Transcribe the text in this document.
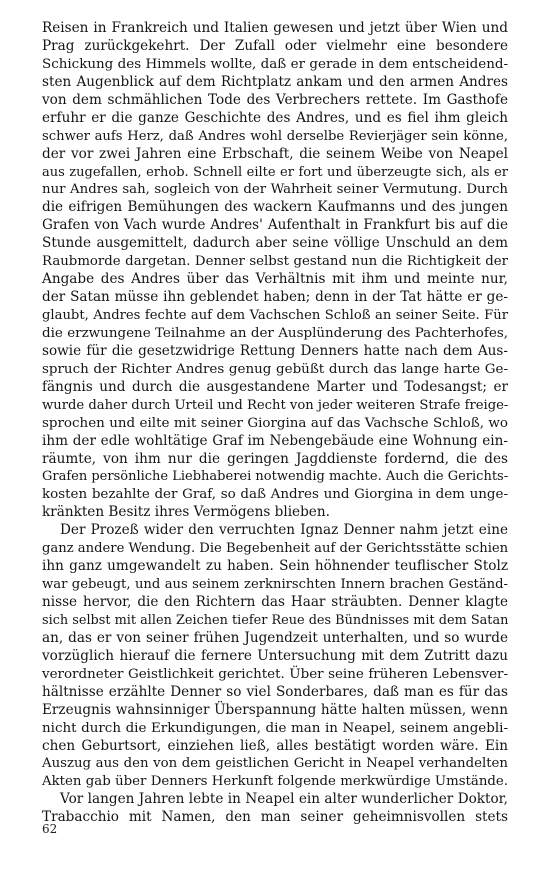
Reisen in Frankreich und Italien gewesen und jetzt über Wien und
Prag zurückgekehrt. Der Zufall oder vielmehr eine besondere
Schickung des Himmels wollte, daß er gerade in dem entscheidend-
sten Augenblick auf dem Richtplatz ankam und den armen Andres
von dem schmählichen Tode des Verbrechers rettete. Im Gasthofe
erfuhr er die ganze Geschichte des Andres, und es fiel ihm gleich
schwer aufs Herz, daß Andres wohl derselbe Revierjäger sein könne,
der vor zwei Jahren eine Erbschaft, die seinem Weibe von Neapel
aus zugefallen, erhob. Schnell eilte er fort und überzeugte sich, als er
nur Andres sah, sogleich von der Wahrheit seiner Vermutung. Durch
die eifrigen Bemühungen des wackern Kaufmanns und des jungen
Grafen von Vach wurde Andres' Aufenthalt in Frankfurt bis auf die
Stunde ausgemittelt, dadurch aber seine völlige Unschuld an dem
Raubmorde dargetan. Denner selbst gestand nun die Richtigkeit der
Angabe des Andres über das Verhältnis mit ihm und meinte nur,
der Satan müsse ihn geblendet haben; denn in der Tat hätte er ge-
glaubt, Andres fechte auf dem Vachschen Schloß an seiner Seite. Für
die erzwungene Teilnahme an der Ausplünderung des Pachterhofes,
sowie für die gesetzwidrige Rettung Denners hatte nach dem Aus-
spruch der Richter Andres genug gebüßt durch das lange harte Ge-
fängnis und durch die ausgestandene Marter und Todesangst; er
wurde daher durch Urteil und Recht von jeder weiteren Strafe freige-
sprochen und eilte mit seiner Giorgina auf das Vachsche Schloß, wo
ihm der edle wohltätige Graf im Nebengebäude eine Wohnung ein-
räumte, von ihm nur die geringen Jagddienste fordernd, die des
Grafen persönliche Liebhaberei notwendig machte. Auch die Gerichts-
kosten bezahlte der Graf, so daß Andres und Giorgina in dem unge-
kränkten Besitz ihres Vermögens blieben.
Der Prozeß wider den verruchten Ignaz Denner nahm jetzt eine
ganz andere Wendung. Die Begebenheit auf der Gerichtsstätte schien
ihn ganz umgewandelt zu haben. Sein höhnender teuflischer Stolz
war gebeugt, und aus seinem zerknirschten Innern brachen Geständ-
nisse hervor, die den Richtern das Haar sträubten. Denner klagte
sich selbst mit allen Zeichen tiefer Reue des Bündnisses mit dem Satan
an, das er von seiner frühen Jugendzeit unterhalten, und so wurde
vorzüglich hierauf die fernere Untersuchung mit dem Zutritt dazu
verordneter Geistlichkeit gerichtet. Über seine früheren Lebensver-
hältnisse erzählte Denner so viel Sonderbares, daß man es für das
Erzeugnis wahnsinniger Überspannung hätte halten müssen, wenn
nicht durch die Erkundigungen, die man in Neapel, seinem angebli-
chen Geburtsort, einziehen ließ, alles bestätigt worden wäre. Ein
Auszug aus den von dem geistlichen Gericht in Neapel verhandelten
Akten gab über Denners Herkunft folgende merkwürdige Umstände.
Vor langen Jahren lebte in Neapel ein alter wunderlicher Doktor,
Trabacchio mit Namen, den man seiner geheimnisvollen stets
62
